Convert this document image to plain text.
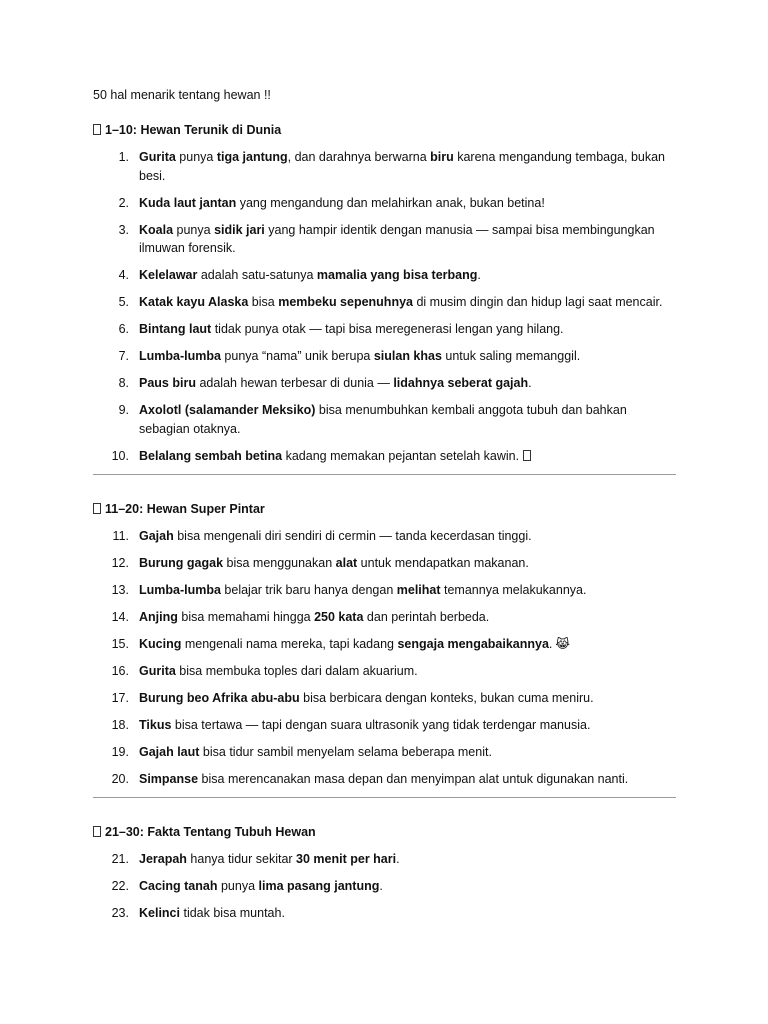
50 hal menarik tentang hewan !!

1–10: Hewan Terunik di Dunia

1. Gurita punya tiga jantung, dan darahnya berwarna biru karena mengandung tembaga, bukan besi.
2. Kuda laut jantan yang mengandung dan melahirkan anak, bukan betina!
3. Koala punya sidik jari yang hampir identik dengan manusia — sampai bisa membingungkan ilmuwan forensik.
4. Kelelawar adalah satu-satunya mamalia yang bisa terbang.
5. Katak kayu Alaska bisa membeku sepenuhnya di musim dingin dan hidup lagi saat mencair.
6. Bintang laut tidak punya otak — tapi bisa meregenerasi lengan yang hilang.
7. Lumba-lumba punya “nama” unik berupa siulan khas untuk saling memanggil.
8. Paus biru adalah hewan terbesar di dunia — lidahnya seberat gajah.
9. Axolotl (salamander Meksiko) bisa menumbuhkan kembali anggota tubuh dan bahkan sebagian otaknya.
10. Belalang sembah betina kadang memakan pejantan setelah kawin.

11–20: Hewan Super Pintar

11. Gajah bisa mengenali diri sendiri di cermin — tanda kecerdasan tinggi.
12. Burung gagak bisa menggunakan alat untuk mendapatkan makanan.
13. Lumba-lumba belajar trik baru hanya dengan melihat temannya melakukannya.
14. Anjing bisa memahami hingga 250 kata dan perintah berbeda.
15. Kucing mengenali nama mereka, tapi kadang sengaja mengabaikannya. 😹
16. Gurita bisa membuka toples dari dalam akuarium.
17. Burung beo Afrika abu-abu bisa berbicara dengan konteks, bukan cuma meniru.
18. Tikus bisa tertawa — tapi dengan suara ultrasonik yang tidak terdengar manusia.
19. Gajah laut bisa tidur sambil menyelam selama beberapa menit.
20. Simpanse bisa merencanakan masa depan dan menyimpan alat untuk digunakan nanti.

21–30: Fakta Tentang Tubuh Hewan

21. Jerapah hanya tidur sekitar 30 menit per hari.
22. Cacing tanah punya lima pasang jantung.
23. Kelinci tidak bisa muntah.
